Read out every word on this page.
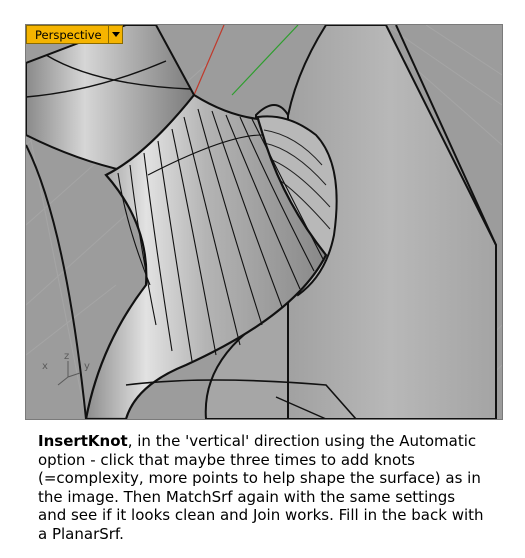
Perspective
x
z
y

InsertKnot, in the 'vertical' direction using the Automatic option - click that maybe three times to add knots (=complexity, more points to help shape the surface) as in the image. Then MatchSrf again with the same settings and see if it looks clean and Join works. Fill in the back with a PlanarSrf.
